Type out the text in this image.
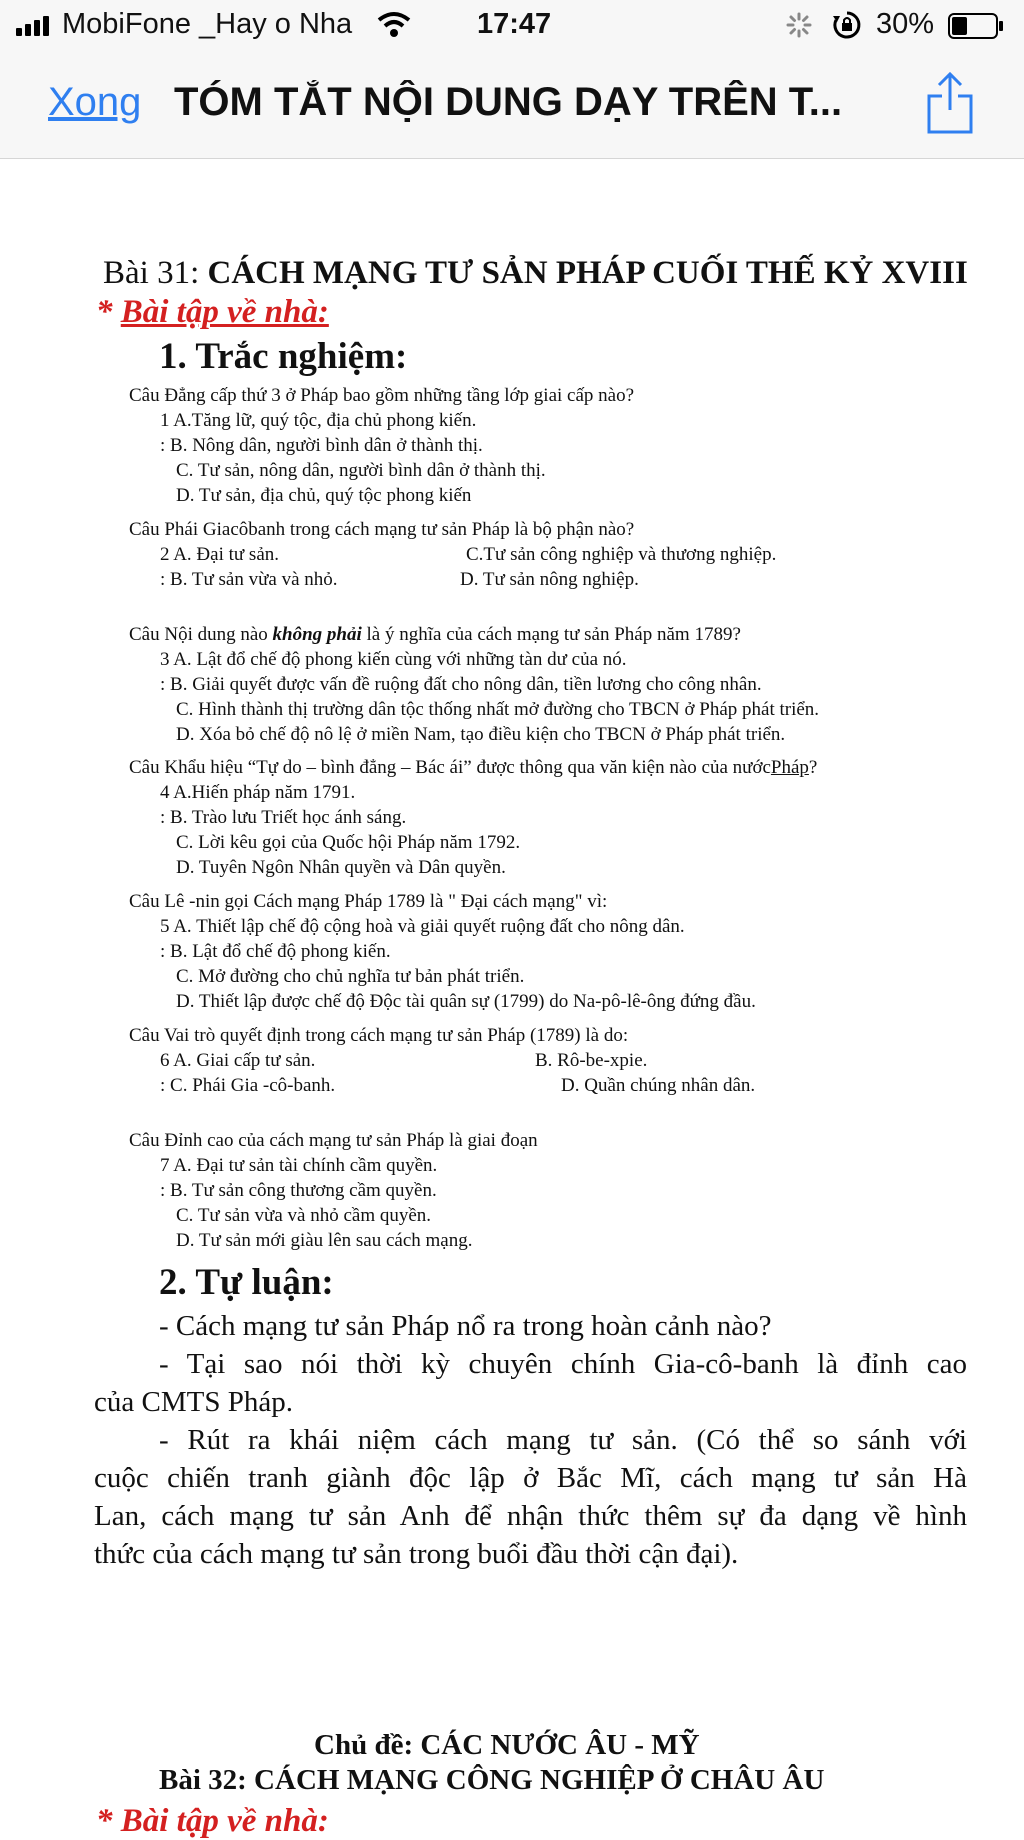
MobiFone _Hay o Nha	17:47	30%
Xong TÓM TẮT NỘI DUNG DẠY TRÊN T...
Bài 31: CÁCH MẠNG TƯ SẢN PHÁP CUỐI THẾ KỶ XVIII
* Bài tập về nhà:
1. Trắc nghiệm:
Câu Đẳng cấp thứ 3 ở Pháp bao gồm những tầng lớp giai cấp nào?
1 A.Tăng lữ, quý tộc, địa chủ phong kiến.
: B. Nông dân, người bình dân ở thành thị.
C. Tư sản, nông dân, người bình dân ở thành thị.
D. Tư sản, địa chủ, quý tộc phong kiến
Câu Phái Giacôbanh trong cách mạng tư sản Pháp là bộ phận nào?
2 A. Đại tư sản.	C.Tư sản công nghiệp và thương nghiệp.
: B. Tư sản vừa và nhỏ.	D. Tư sản nông nghiệp.
Câu Nội dung nào không phải là ý nghĩa của cách mạng tư sản Pháp năm 1789?
3 A. Lật đổ chế độ phong kiến cùng với những tàn dư của nó.
: B. Giải quyết được vấn đề ruộng đất cho nông dân, tiền lương cho công nhân.
C. Hình thành thị trường dân tộc thống nhất mở đường cho TBCN ở Pháp phát triển.
D. Xóa bỏ chế độ nô lệ ở miền Nam, tạo điều kiện cho TBCN ở Pháp phát triển.
Câu Khẩu hiệu “Tự do – bình đẳng – Bác ái” được thông qua văn kiện nào của nướcPháp?
4 A.Hiến pháp năm 1791.
: B. Trào lưu Triết học ánh sáng.
C. Lời kêu gọi của Quốc hội Pháp năm 1792.
D. Tuyên Ngôn Nhân quyền và Dân quyền.
Câu Lê -nin gọi Cách mạng Pháp 1789 là " Đại cách mạng" vì:
5 A. Thiết lập chế độ cộng hoà và giải quyết ruộng đất cho nông dân.
: B. Lật đổ chế độ phong kiến.
C. Mở đường cho chủ nghĩa tư bản phát triển.
D. Thiết lập được chế độ Độc tài quân sự (1799) do Na-pô-lê-ông đứng đầu.
Câu Vai trò quyết định trong cách mạng tư sản Pháp (1789) là do:
6 A. Giai cấp tư sản.	B. Rô-be-xpie.
: C. Phái Gia -cô-banh.	D. Quần chúng nhân dân.
Câu Đỉnh cao của cách mạng tư sản Pháp là giai đoạn
7 A. Đại tư sản tài chính cầm quyền.
: B. Tư sản công thương cầm quyền.
C. Tư sản vừa và nhỏ cầm quyền.
D. Tư sản mới giàu lên sau cách mạng.
2. Tự luận:
- Cách mạng tư sản Pháp nổ ra trong hoàn cảnh nào?
- Tại sao nói thời kỳ chuyên chính Gia-cô-banh là đỉnh cao
của CMTS Pháp.
- Rút ra khái niệm cách mạng tư sản. (Có thể so sánh với
cuộc chiến tranh giành độc lập ở Bắc Mĩ, cách mạng tư sản Hà
Lan, cách mạng tư sản Anh để nhận thức thêm sự đa dạng về hình
thức của cách mạng tư sản trong buổi đầu thời cận đại).
Chủ đề: CÁC NƯỚC ÂU - MỸ
Bài 32: CÁCH MẠNG CÔNG NGHIỆP Ở CHÂU ÂU
* Bài tập về nhà:
